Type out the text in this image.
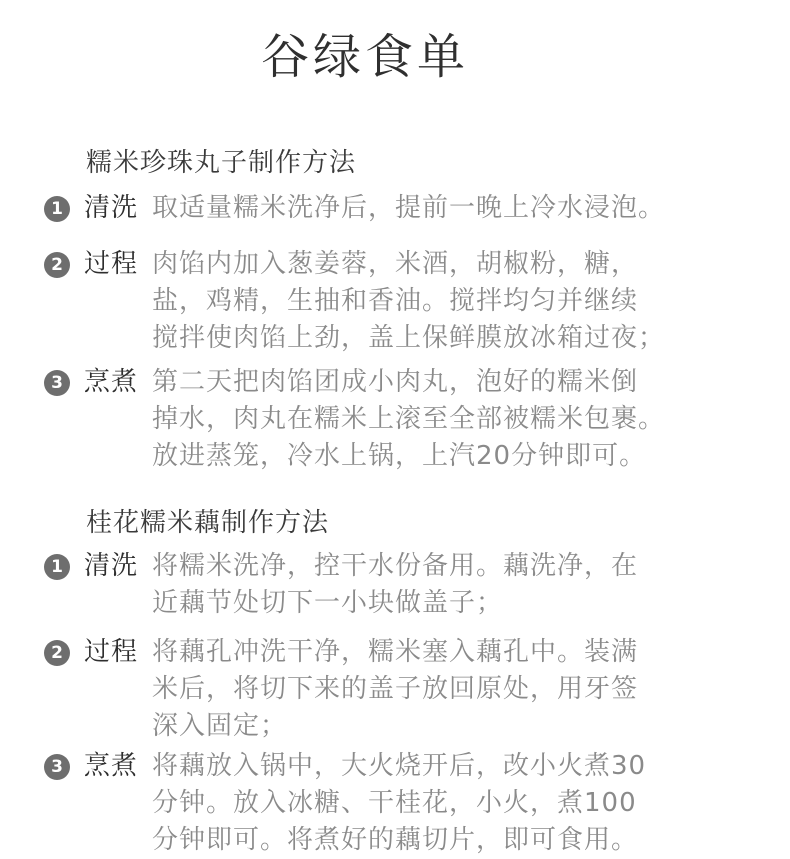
谷绿食单
糯米珍珠丸子制作方法
1 清洗 取适量糯米洗净后，提前一晚上冷水浸泡。
2 过程 肉馅内加入葱姜蓉，米酒，胡椒粉，糖，
盐，鸡精，生抽和香油。搅拌均匀并继续
搅拌使肉馅上劲，盖上保鲜膜放冰箱过夜；
3 烹煮 第二天把肉馅团成小肉丸，泡好的糯米倒
掉水，肉丸在糯米上滚至全部被糯米包裹。
放进蒸笼，冷水上锅，上汽20分钟即可。
桂花糯米藕制作方法
1 清洗 将糯米洗净，控干水份备用。藕洗净，在
近藕节处切下一小块做盖子；
2 过程 将藕孔冲洗干净，糯米塞入藕孔中。装满
米后，将切下来的盖子放回原处，用牙签
深入固定；
3 烹煮 将藕放入锅中，大火烧开后，改小火煮30
分钟。放入冰糖、干桂花，小火，煮100
分钟即可。将煮好的藕切片，即可食用。
